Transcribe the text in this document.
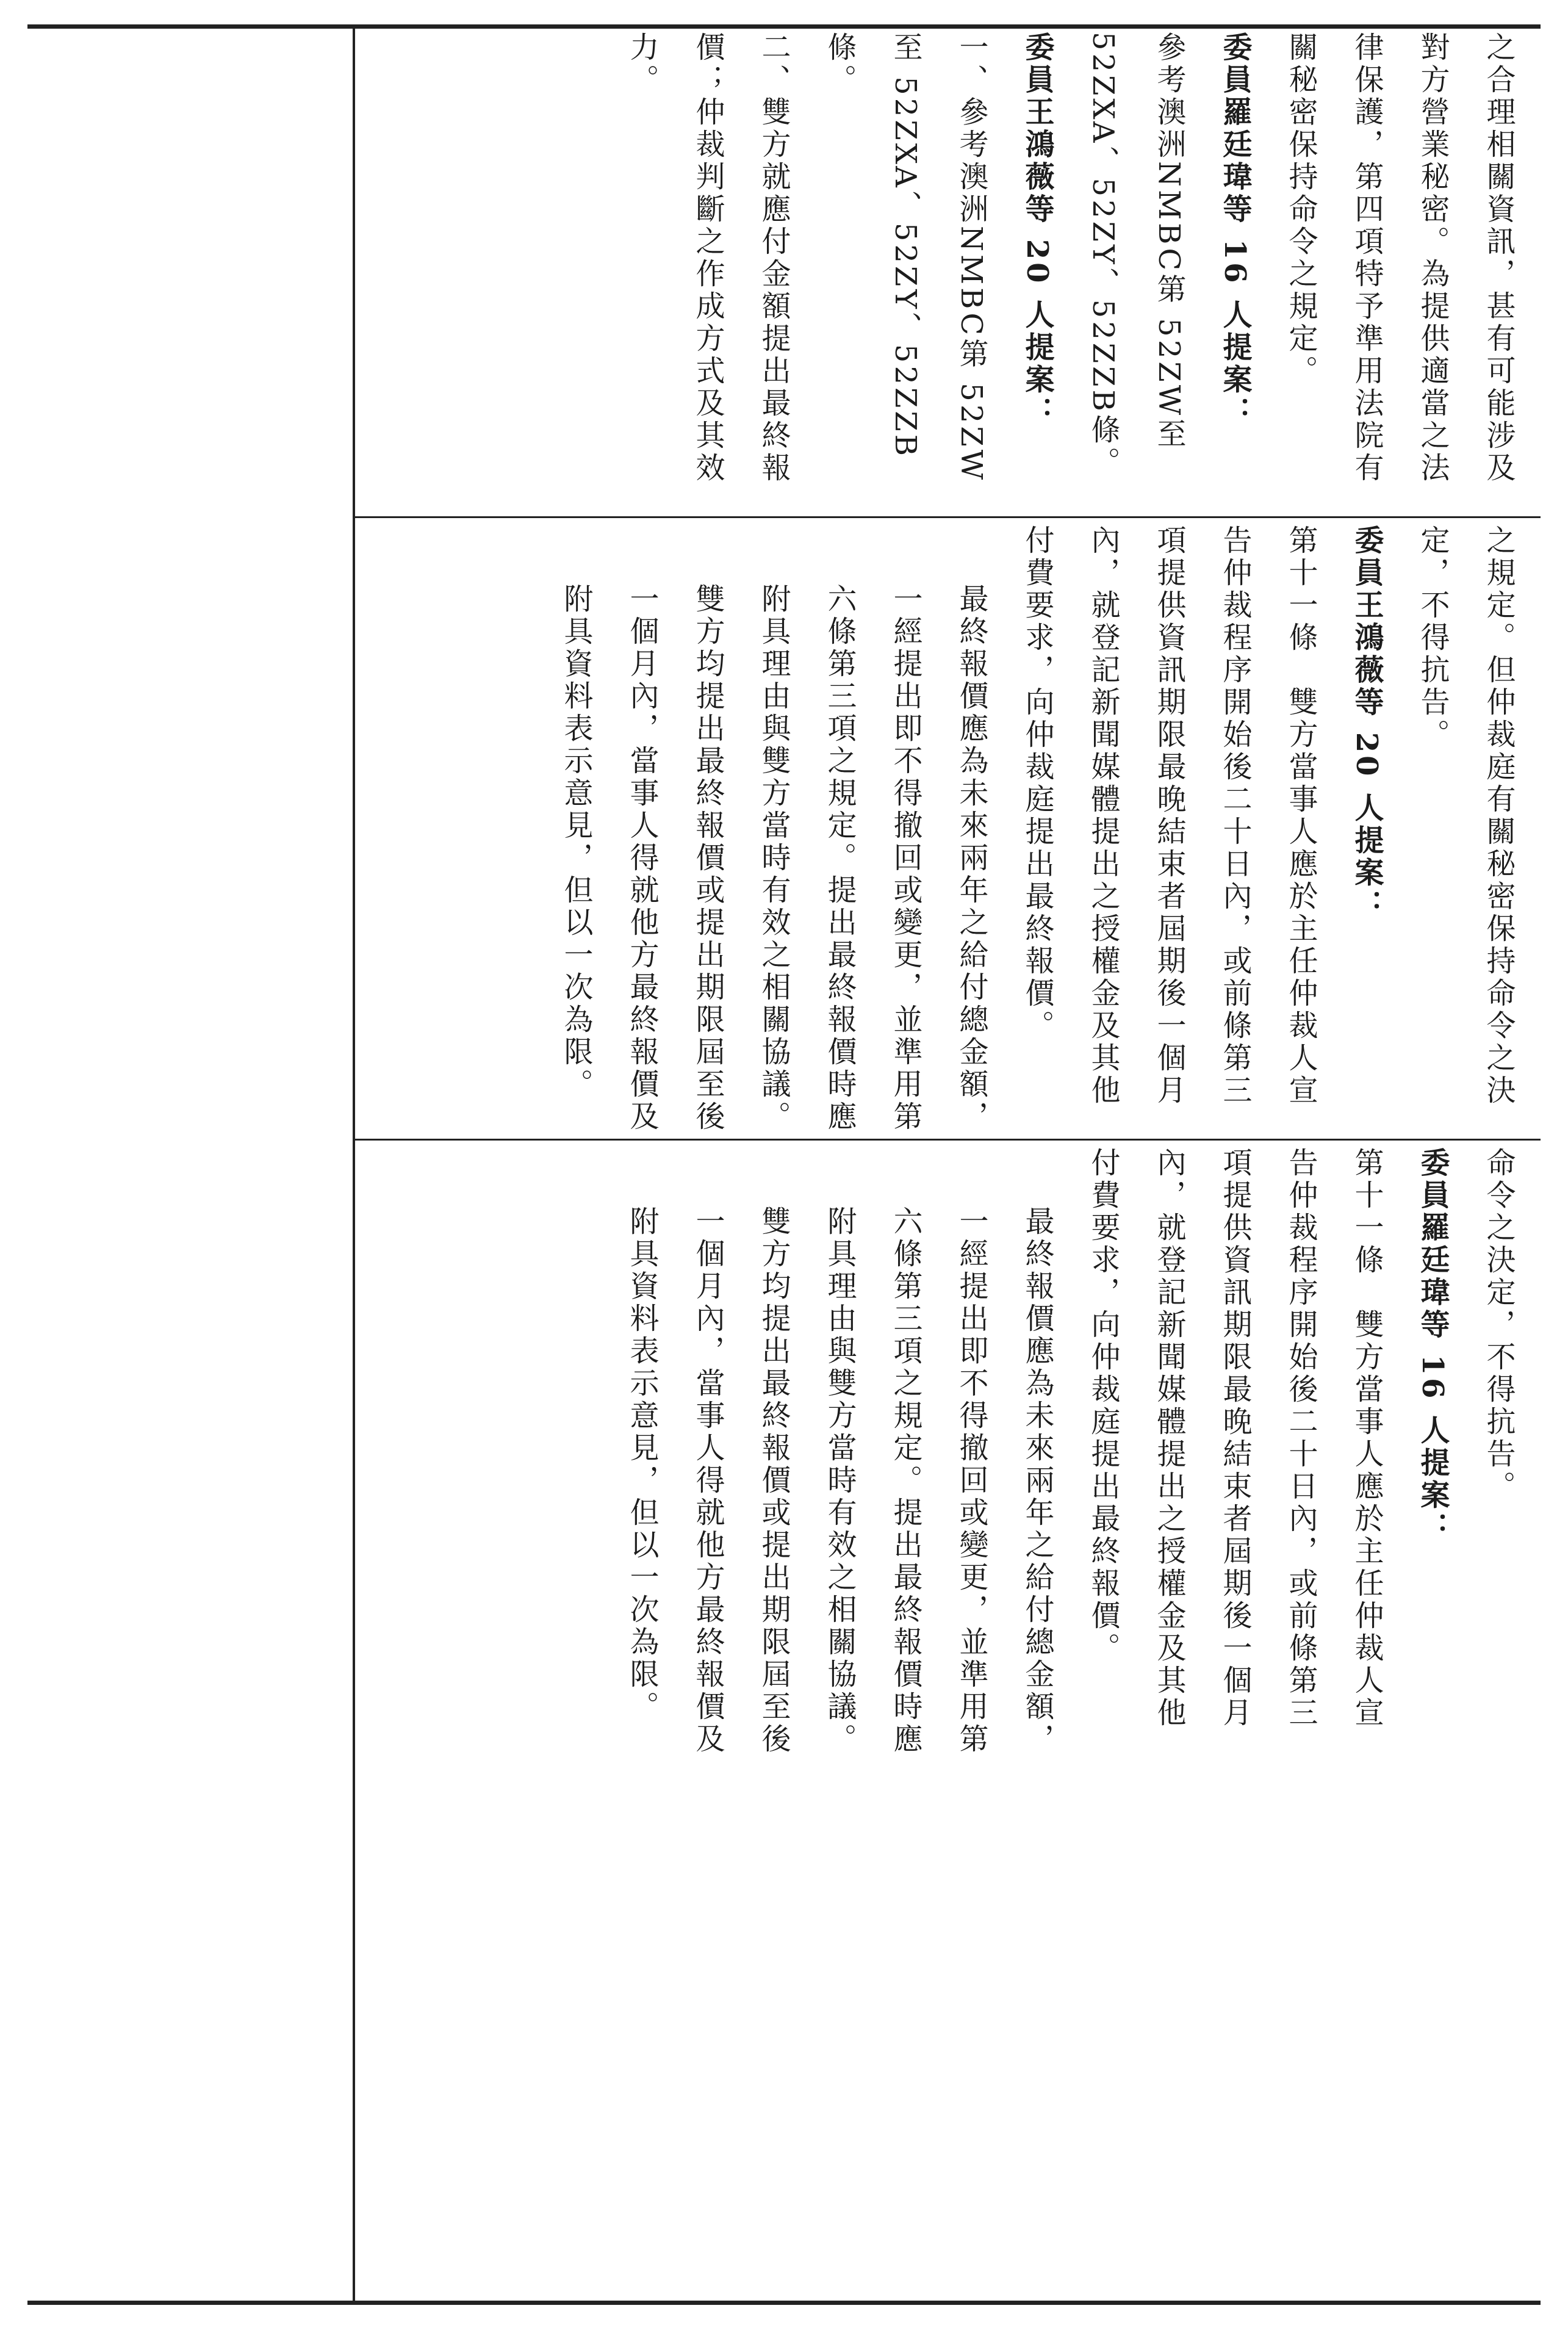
之合理相關資訊，甚有可能涉及對方營業秘密。為提供適當之法律保護，第四項特予準用法院有關秘密保持命令之規定。

委員羅廷瑋等 16 人提案：

參考澳洲NMBC第 52ZW至 52ZXA、52ZY、52ZZB條。

委員王鴻薇等 20 人提案：

一、參考澳洲NMBC第 52ZW至 52ZXA、52ZY、52ZZB條。

二、雙方就應付金額提出最終報價；仲裁判斷之作成方式及其效力。

之規定。但仲裁庭有關秘密保持命令之決定，不得抗告。

委員王鴻薇等 20 人提案：

第十一條　雙方當事人應於主任仲裁人宣告仲裁程序開始後二十日內，或前條第三項提供資訊期限最晚結束者屆期後一個月內，就登記新聞媒體提出之授權金及其他付費要求，向仲裁庭提出最終報價。

最終報價應為未來兩年之給付總金額，一經提出即不得撤回或變更，並準用第六條第三項之規定。提出最終報價時應附具理由與雙方當時有效之相關協議。

雙方均提出最終報價或提出期限屆至後一個月內，當事人得就他方最終報價及附具資料表示意見，但以一次為限。

命令之決定，不得抗告。

委員羅廷瑋等 16 人提案：

第十一條　雙方當事人應於主任仲裁人宣告仲裁程序開始後二十日內，或前條第三項提供資訊期限最晚結束者屆期後一個月內，就登記新聞媒體提出之授權金及其他付費要求，向仲裁庭提出最終報價。

最終報價應為未來兩年之給付總金額，一經提出即不得撤回或變更，並準用第六條第三項之規定。提出最終報價時應附具理由與雙方當時有效之相關協議。

雙方均提出最終報價或提出期限屆至後一個月內，當事人得就他方最終報價及附具資料表示意見，但以一次為限。
